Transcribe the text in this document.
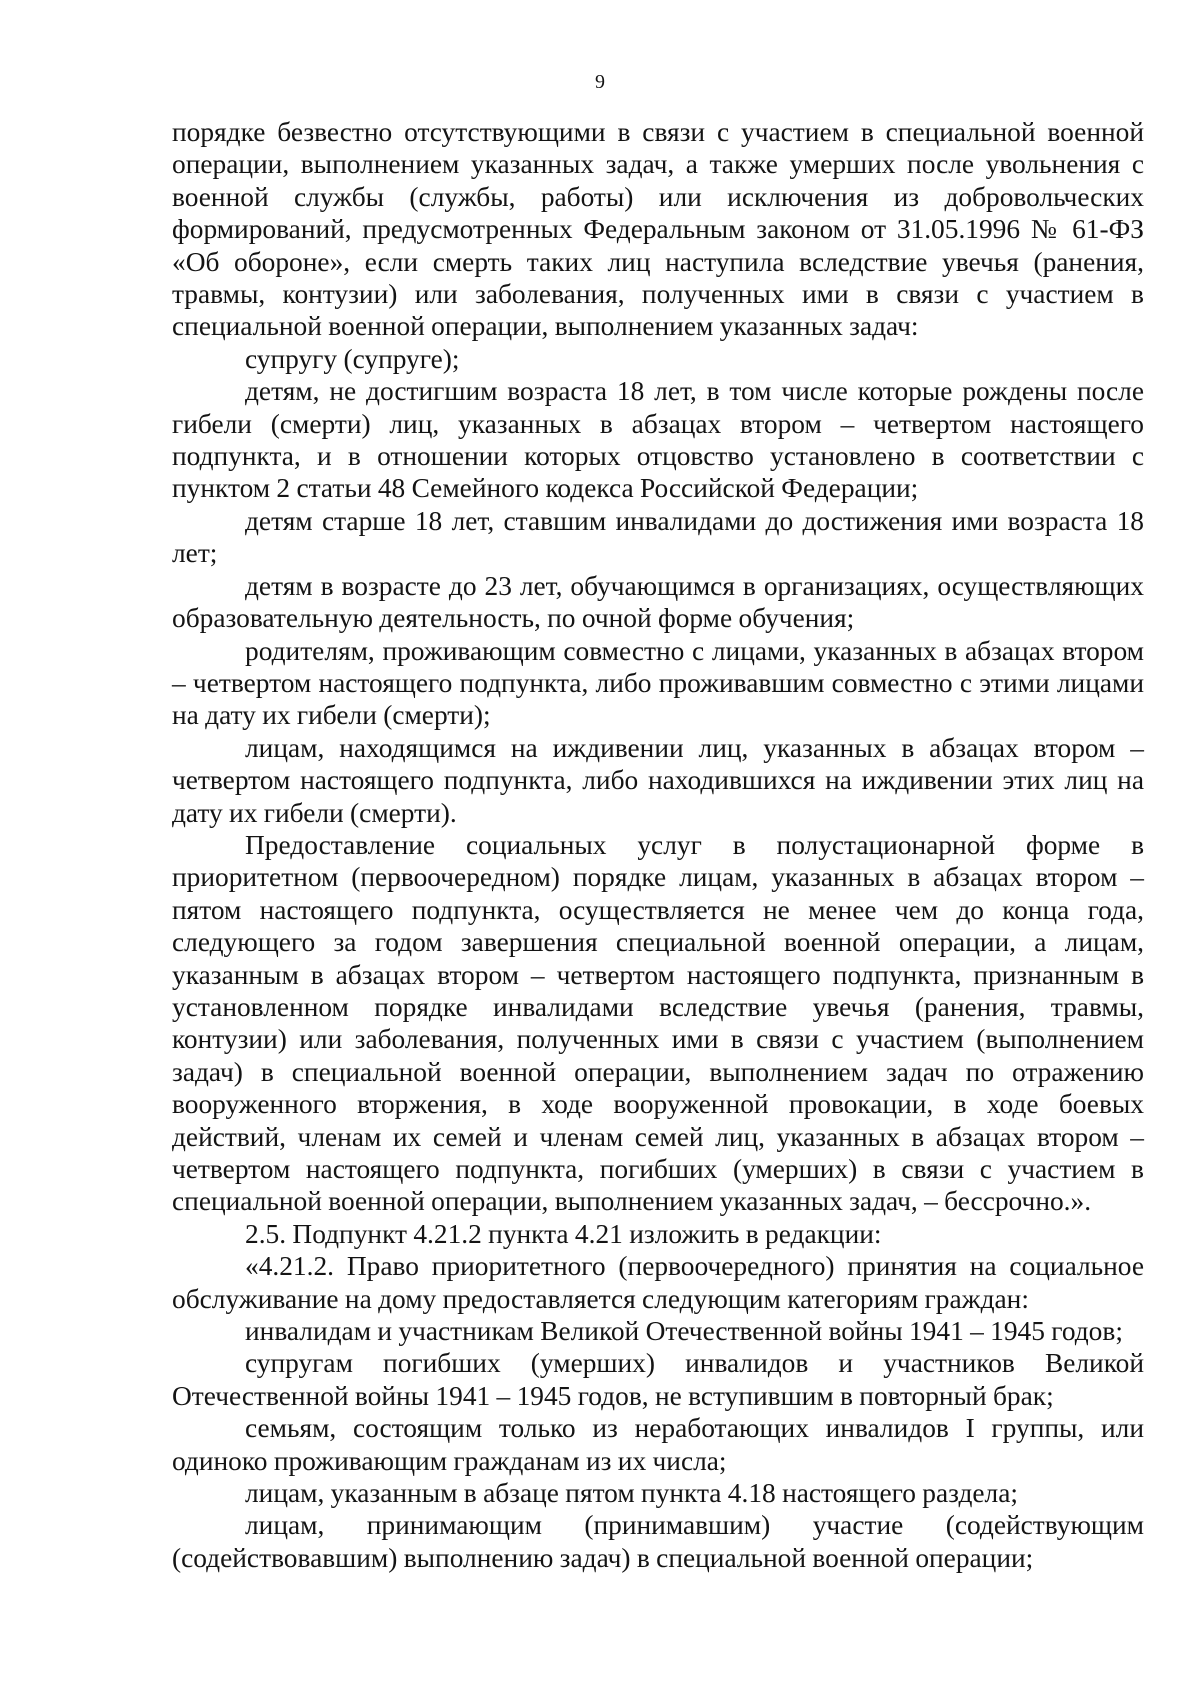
9

порядке безвестно отсутствующими в связи с участием в специальной военной операции, выполнением указанных задач, а также умерших после увольнения с военной службы (службы, работы) или исключения из добровольческих формирований, предусмотренных Федеральным законом от 31.05.1996 № 61-ФЗ «Об обороне», если смерть таких лиц наступила вследствие увечья (ранения, травмы, контузии) или заболевания, полученных ими в связи с участием в специальной военной операции, выполнением указанных задач:

супругу (супруге);

детям, не достигшим возраста 18 лет, в том числе которые рождены после гибели (смерти) лиц, указанных в абзацах втором – четвертом настоящего подпункта, и в отношении которых отцовство установлено в соответствии с пунктом 2 статьи 48 Семейного кодекса Российской Федерации;

детям старше 18 лет, ставшим инвалидами до достижения ими возраста 18 лет;

детям в возрасте до 23 лет, обучающимся в организациях, осуществляющих образовательную деятельность, по очной форме обучения;

родителям, проживающим совместно с лицами, указанных в абзацах втором – четвертом настоящего подпункта, либо проживавшим совместно с этими лицами на дату их гибели (смерти);

лицам, находящимся на иждивении лиц, указанных в абзацах втором – четвертом настоящего подпункта, либо находившихся на иждивении этих лиц на дату их гибели (смерти).

Предоставление социальных услуг в полустационарной форме в приоритетном (первоочередном) порядке лицам, указанных в абзацах втором – пятом настоящего подпункта, осуществляется не менее чем до конца года, следующего за годом завершения специальной военной операции, а лицам, указанным в абзацах втором – четвертом настоящего подпункта, признанным в установленном порядке инвалидами вследствие увечья (ранения, травмы, контузии) или заболевания, полученных ими в связи с участием (выполнением задач) в специальной военной операции, выполнением задач по отражению вооруженного вторжения, в ходе вооруженной провокации, в ходе боевых действий, членам их семей и членам семей лиц, указанных в абзацах втором – четвертом настоящего подпункта, погибших (умерших) в связи с участием в специальной военной операции, выполнением указанных задач, – бессрочно.».

2.5. Подпункт 4.21.2 пункта 4.21 изложить в редакции:

«4.21.2. Право приоритетного (первоочередного) принятия на социальное обслуживание на дому предоставляется следующим категориям граждан:

инвалидам и участникам Великой Отечественной войны 1941 – 1945 годов;

супругам погибших (умерших) инвалидов и участников Великой Отечественной войны 1941 – 1945 годов, не вступившим в повторный брак;

семьям, состоящим только из неработающих инвалидов I группы, или одиноко проживающим гражданам из их числа;

лицам, указанным в абзаце пятом пункта 4.18 настоящего раздела;

лицам, принимающим (принимавшим) участие (содействующим (содействовавшим) выполнению задач) в специальной военной операции;
